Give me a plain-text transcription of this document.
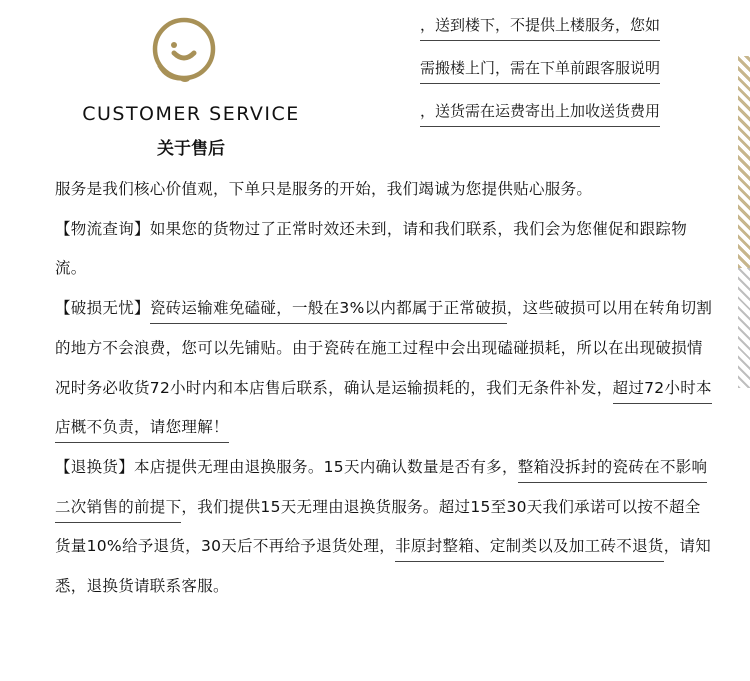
CUSTOMER SERVICE
关于售后
，送到楼下，不提供上楼服务，您如
需搬楼上门，需在下单前跟客服说明
，送货需在运费寄出上加收送货费用

服务是我们核心价值观，下单只是服务的开始，我们竭诚为您提供贴心服务。

【物流查询】如果您的货物过了正常时效还未到，请和我们联系，我们会为您催促和跟踪物流。

【破损无忧】瓷砖运输难免磕碰，一般在3%以内都属于正常破损，这些破损可以用在转角切割的地方不会浪费，您可以先铺贴。由于瓷砖在施工过程中会出现磕碰损耗，所以在出现破损情况时务必收货72小时内和本店售后联系，确认是运输损耗的，我们无条件补发，超过72小时本店概不负责，请您理解！

【退换货】本店提供无理由退换服务。15天内确认数量是否有多，整箱没拆封的瓷砖在不影响二次销售的前提下，我们提供15天无理由退换货服务。超过15至30天我们承诺可以按不超全货量10%给予退货，30天后不再给予退货处理，非原封整箱、定制类以及加工砖不退货，请知悉，退换货请联系客服。
